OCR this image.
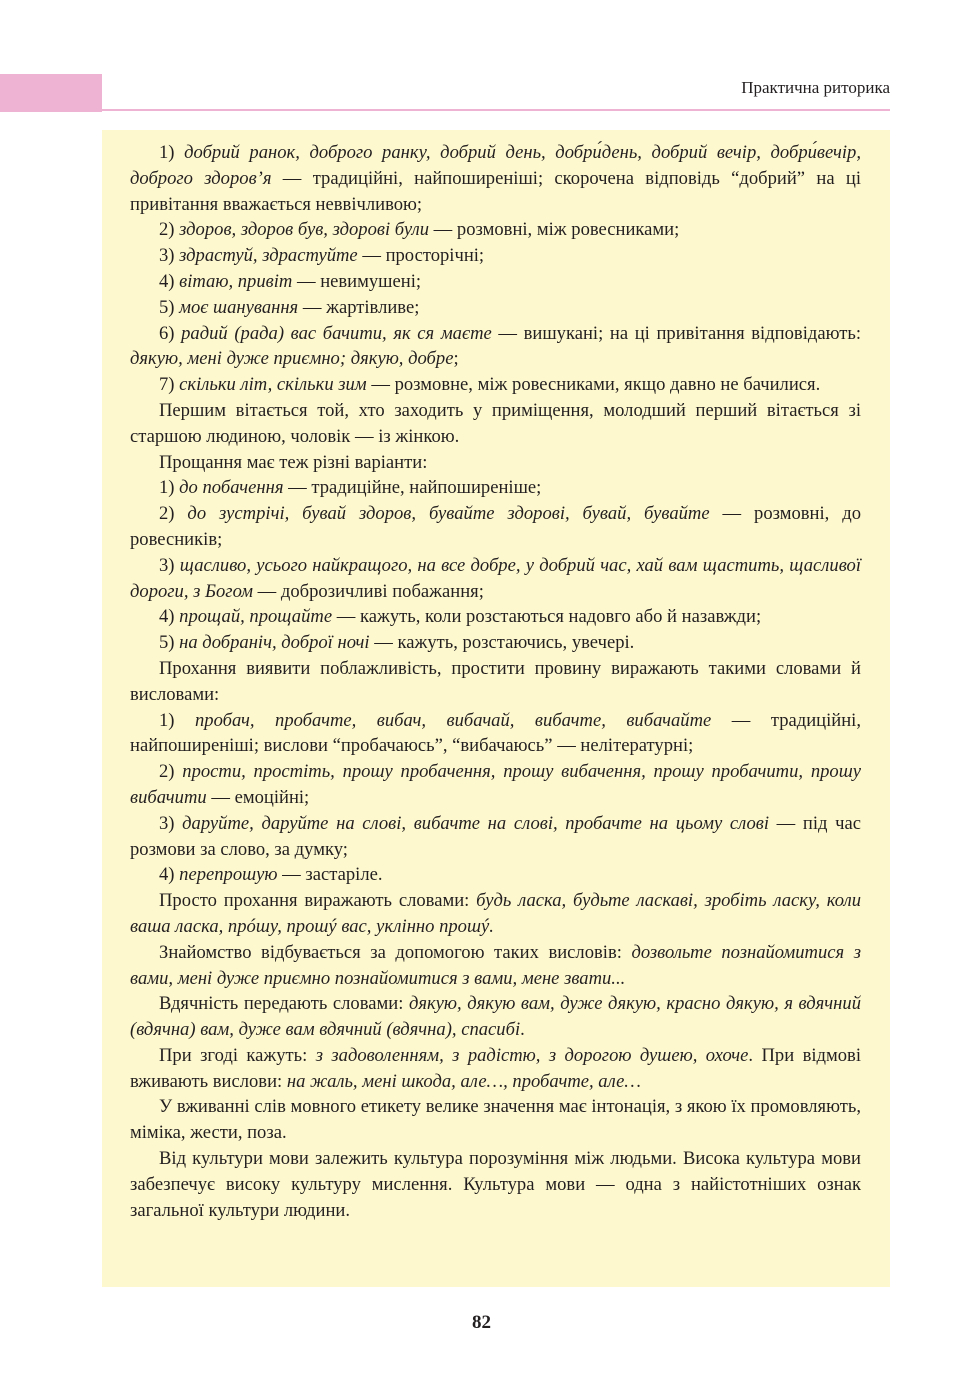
Практична риторика

1) добрий ранок, доброго ранку, добрий день, добри́день, добрий вечір, добри́вечір, доброго здоров’я — традиційні, найпоширеніші; скорочена відповідь “добрий” на ці привітання вважається неввічливою;

2) здоров, здоров був, здорові були — розмовні, між ровесниками;

3) здрастуй, здрастуйте — просторічні;

4) вітаю, привіт — невимушені;

5) моє шанування — жартівливе;

6) радий (рада) вас бачити, як ся маєте — вишукані; на ці привітання відповідають: дякую, мені дуже приємно; дякую, добре;

7) скільки літ, скільки зим — розмовне, між ровесниками, якщо давно не бачилися.

Першим вітається той, хто заходить у приміщення, молодший перший вітається зі старшою людиною, чоловік — із жінкою.

Прощання має теж різні варіанти:

1) до побачення — традиційне, найпоширеніше;

2) до зустрічі, бувай здоров, бувайте здорові, бувай, бувайте — розмовні, до ровесників;

3) щасливо, усього найкращого, на все добре, у добрий час, хай вам щастить, щасливої дороги, з Богом — доброзичливі побажання;

4) прощай, прощайте — кажуть, коли розстаються надовго або й назавжди;

5) на добраніч, доброї ночі — кажуть, розстаючись, увечері.

Прохання виявити поблажливість, простити провину виражають такими словами й висловами:

1) пробач, пробачте, вибач, вибачай, вибачте, вибачайте — традиційні, найпоширеніші; вислови “пробачаюсь”, “вибачаюсь” — нелітературні;

2) прости, простіть, прошу пробачення, прошу вибачення, прошу пробачити, прошу вибачити — емоційні;

3) даруйте, даруйте на слові, вибачте на слові, пробачте на цьому слові — під час розмови за слово, за думку;

4) перепрошую — застаріле.

Просто прохання виражають словами: будь ласка, будьте ласкаві, зробіть ласку, коли ваша ласка, прóшу, прошý вас, уклінно прошý.

Знайомство відбувається за допомогою таких висловів: дозвольте познайомитися з вами, мені дуже приємно познайомитися з вами, мене звати...

Вдячність передають словами: дякую, дякую вам, дуже дякую, красно дякую, я вдячний (вдячна) вам, дуже вам вдячний (вдячна), спасибі.

При згоді кажуть: з задоволенням, з радістю, з дорогою душею, охоче. При відмові вживають вислови: на жаль, мені шкода, але…, пробачте, але…

У вживанні слів мовного етикету велике значення має інтонація, з якою їх промовляють, міміка, жести, поза.

Від культури мови залежить культура порозуміння між людьми. Висока культура мови забезпечує високу культуру мислення. Культура мови — одна з найістотніших ознак загальної культури людини.

82
